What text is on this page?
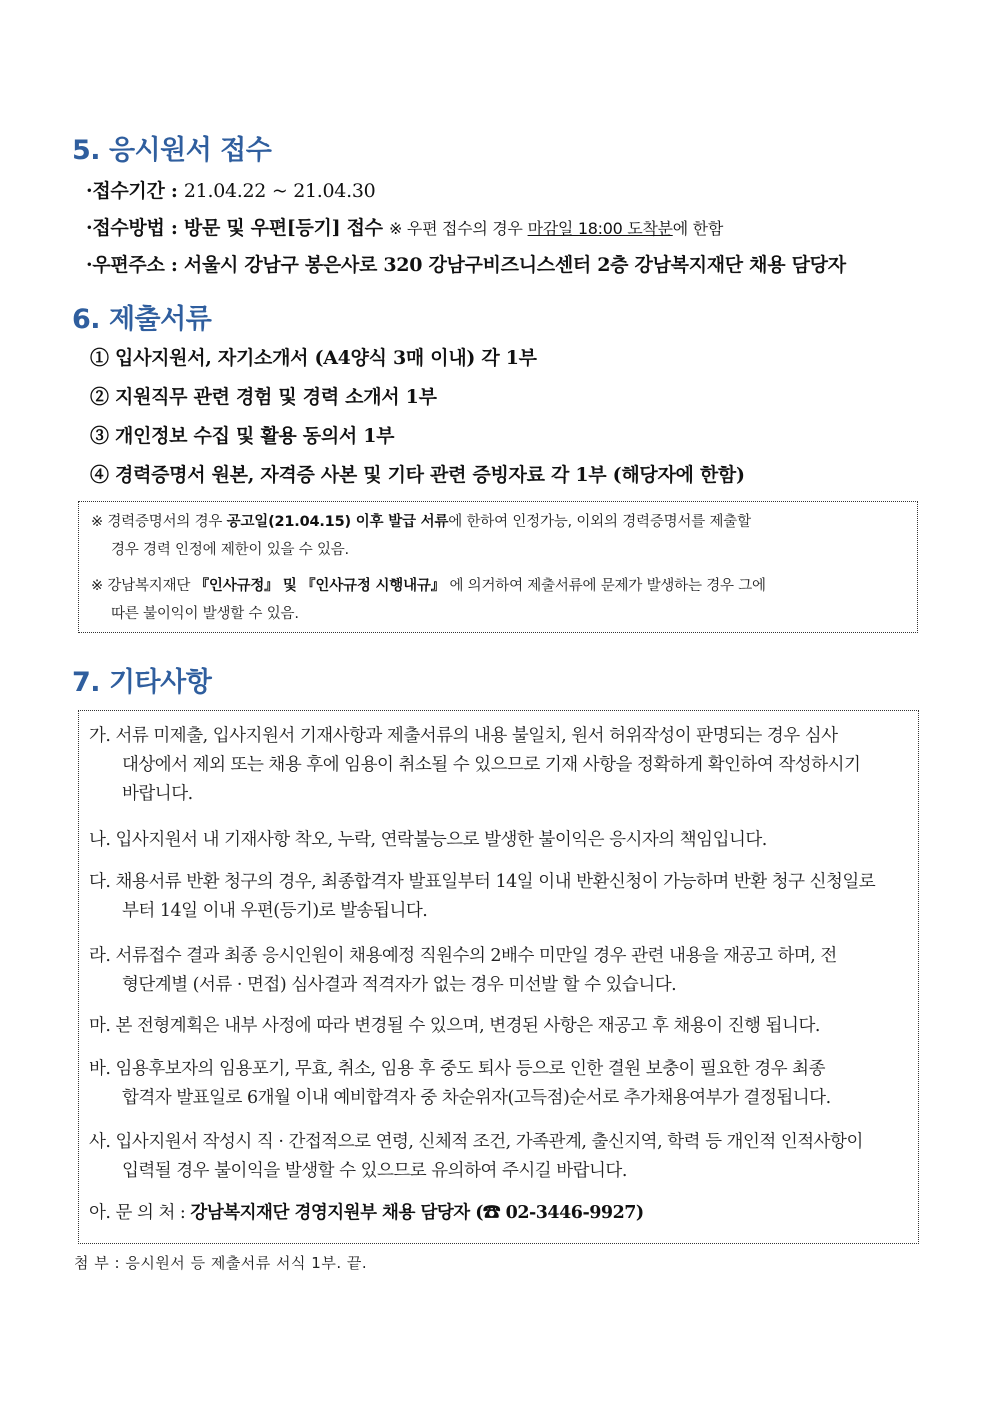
5. 응시원서 접수
·접수기간 : 21.04.22 ~ 21.04.30
·접수방법 : 방문 및 우편[등기] 접수 ※ 우편 접수의 경우 마감일 18:00 도착분에 한함
·우편주소 : 서울시 강남구 봉은사로 320 강남구비즈니스센터 2층 강남복지재단 채용 담당자
6. 제출서류
① 입사지원서, 자기소개서 (A4양식 3매 이내) 각 1부
② 지원직무 관련 경험 및 경력 소개서 1부
③ 개인정보 수집 및 활용 동의서 1부
④ 경력증명서 원본, 자격증 사본 및 기타 관련 증빙자료 각 1부 (해당자에 한함)
※ 경력증명서의 경우 공고일(21.04.15) 이후 발급 서류에 한하여 인정가능, 이외의 경력증명서를 제출할
경우 경력 인정에 제한이 있을 수 있음.
※ 강남복지재단 『인사규정』 및 『인사규정 시행내규』 에 의거하여 제출서류에 문제가 발생하는 경우 그에
따른 불이익이 발생할 수 있음.
7. 기타사항
가. 서류 미제출, 입사지원서 기재사항과 제출서류의 내용 불일치, 원서 허위작성이 판명되는 경우 심사
대상에서 제외 또는 채용 후에 임용이 취소될 수 있으므로 기재 사항을 정확하게 확인하여 작성하시기
바랍니다.
나. 입사지원서 내 기재사항 착오, 누락, 연락불능으로 발생한 불이익은 응시자의 책임입니다.
다. 채용서류 반환 청구의 경우, 최종합격자 발표일부터 14일 이내 반환신청이 가능하며 반환 청구 신청일로
부터 14일 이내 우편(등기)로 발송됩니다.
라. 서류접수 결과 최종 응시인원이 채용예정 직원수의 2배수 미만일 경우 관련 내용을 재공고 하며, 전
형단계별 (서류 · 면접) 심사결과 적격자가 없는 경우 미선발 할 수 있습니다.
마. 본 전형계획은 내부 사정에 따라 변경될 수 있으며, 변경된 사항은 재공고 후 채용이 진행 됩니다.
바. 임용후보자의 임용포기, 무효, 취소, 임용 후 중도 퇴사 등으로 인한 결원 보충이 필요한 경우 최종
합격자 발표일로 6개월 이내 예비합격자 중 차순위자(고득점)순서로 추가채용여부가 결정됩니다.
사. 입사지원서 작성시 직 · 간접적으로 연령, 신체적 조건, 가족관계, 출신지역, 학력 등 개인적 인적사항이
입력될 경우 불이익을 발생할 수 있으므로 유의하여 주시길 바랍니다.
아. 문 의 처 : 강남복지재단 경영지원부 채용 담당자 (☎ 02-3446-9927)
첨 부 : 응시원서 등 제출서류 서식 1부. 끝.
